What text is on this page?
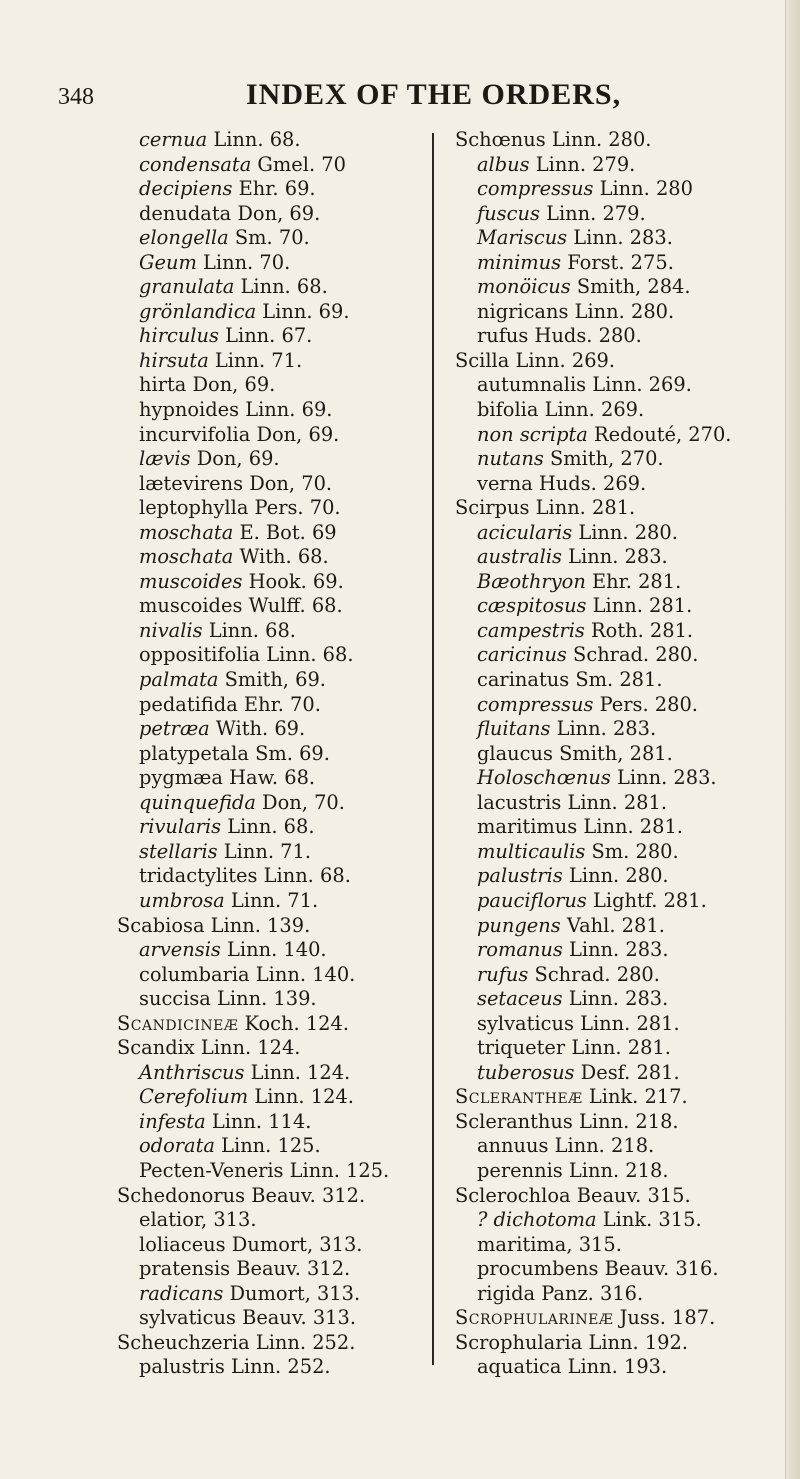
348	INDEX OF THE ORDERS,
cernua Linn. 68.
condensata Gmel. 70
decipiens Ehr. 69.
denudata Don, 69.
elongella Sm. 70.
Geum Linn. 70.
granulata Linn. 68.
grönlandica Linn. 69.
hirculus Linn. 67.
hirsuta Linn. 71.
hirta Don, 69.
hypnoides Linn. 69.
incurvifolia Don, 69.
lævis Don, 69.
lætevirens Don, 70.
leptophylla Pers. 70.
moschata E. Bot. 69
moschata With. 68.
muscoides Hook. 69.
muscoides Wulff. 68.
nivalis Linn. 68.
oppositifolia Linn. 68.
palmata Smith, 69.
pedatifida Ehr. 70.
petræa With. 69.
platypetala Sm. 69.
pygmæa Haw. 68.
quinquefida Don, 70.
rivularis Linn. 68.
stellaris Linn. 71.
tridactylites Linn. 68.
umbrosa Linn. 71.
Scabiosa Linn. 139.
arvensis Linn. 140.
columbaria Linn. 140.
succisa Linn. 139.
Scandicineæ Koch. 124.
Scandix Linn. 124.
Anthriscus Linn. 124.
Cerefolium Linn. 124.
infesta Linn. 114.
odorata Linn. 125.
Pecten-Veneris Linn. 125.
Schedonorus Beauv. 312.
elatior, 313.
loliaceus Dumort, 313.
pratensis Beauv. 312.
radicans Dumort, 313.
sylvaticus Beauv. 313.
Scheuchzeria Linn. 252.
palustris Linn. 252.
Schœnus Linn. 280.
albus Linn. 279.
compressus Linn. 280
fuscus Linn. 279.
Mariscus Linn. 283.
minimus Forst. 275.
monöicus Smith, 284.
nigricans Linn. 280.
rufus Huds. 280.
Scilla Linn. 269.
autumnalis Linn. 269.
bifolia Linn. 269.
non scripta Redouté, 270.
nutans Smith, 270.
verna Huds. 269.
Scirpus Linn. 281.
acicularis Linn. 280.
australis Linn. 283.
Bæothryon Ehr. 281.
cæspitosus Linn. 281.
campestris Roth. 281.
caricinus Schrad. 280.
carinatus Sm. 281.
compressus Pers. 280.
fluitans Linn. 283.
glaucus Smith, 281.
Holoschœnus Linn. 283.
lacustris Linn. 281.
maritimus Linn. 281.
multicaulis Sm. 280.
palustris Linn. 280.
pauciflorus Lightf. 281.
pungens Vahl. 281.
romanus Linn. 283.
rufus Schrad. 280.
setaceus Linn. 283.
sylvaticus Linn. 281.
triqueter Linn. 281.
tuberosus Desf. 281.
Scleranthеæ Link. 217.
Scleranthus Linn. 218.
annuus Linn. 218.
perennis Linn. 218.
Sclerochloa Beauv. 315.
? dichotoma Link. 315.
maritima, 315.
procumbens Beauv. 316.
rigida Panz. 316.
Scrophularineæ Juss. 187.
Scrophularia Linn. 192.
aquatica Linn. 193.
